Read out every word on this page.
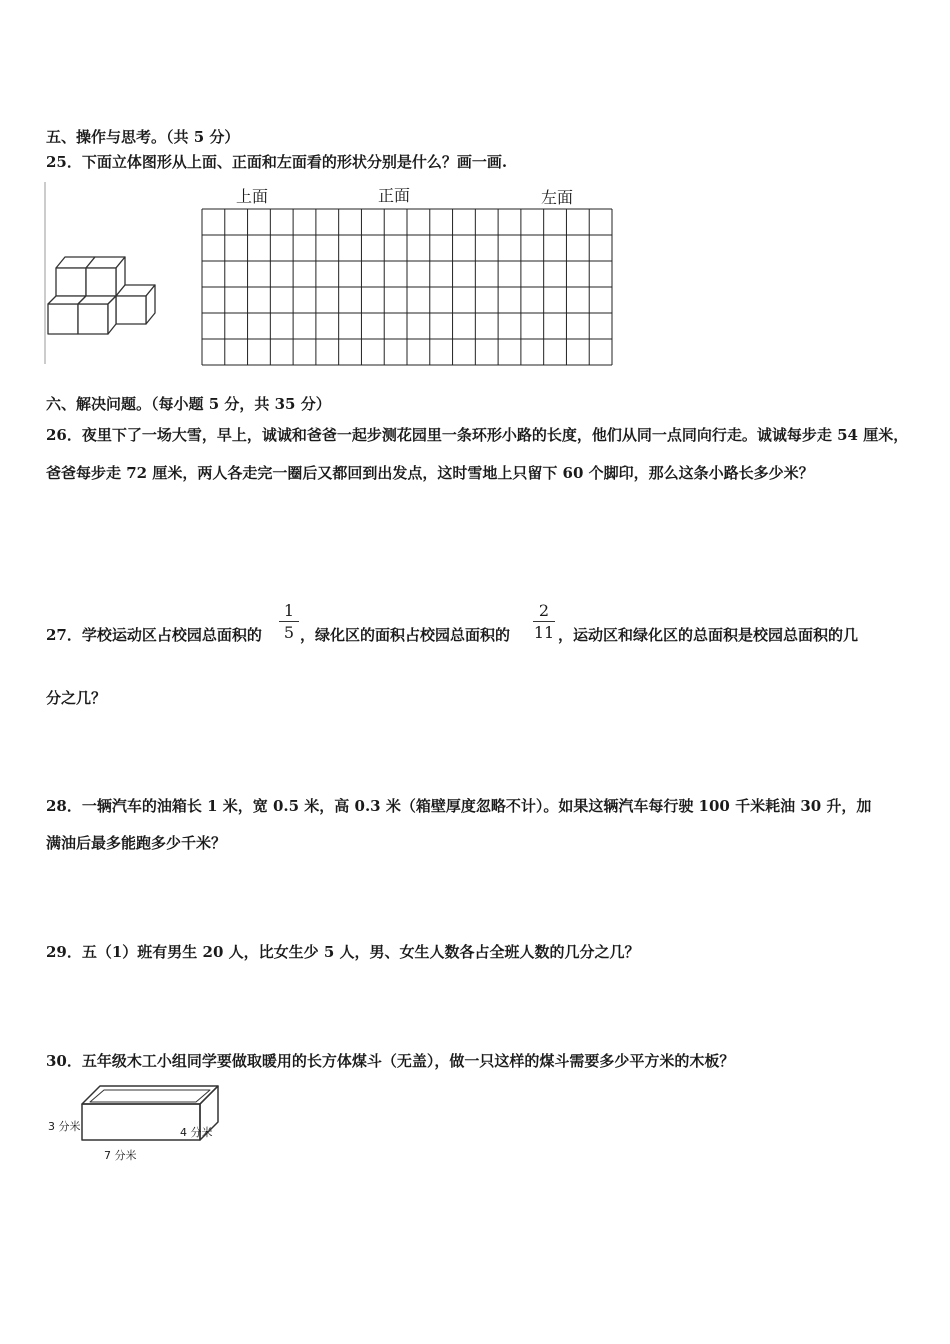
五、操作与思考。（共 5 分）
25．下面立体图形从上面、正面和左面看的形状分别是什么？画一画.
上面	正面	左面
六、解决问题。（每小题 5 分，共 35 分）
26．夜里下了一场大雪，早上，诚诚和爸爸一起步测花园里一条环形小路的长度，他们从同一点同向行走。诚诚每步走 54 厘米，爸爸每步走 72 厘米，两人各走完一圈后又都回到出发点，这时雪地上只留下 60 个脚印，那么这条小路长多少米？
27．学校运动区占校园总面积的
1
5 ，绿化区的面积占校园总面积的
2
11 ，运动区和绿化区的总面积是校园总面积的几
分之几？
28．一辆汽车的油箱长 1 米，宽 0.5 米，高 0.3 米（箱壁厚度忽略不计）。如果这辆汽车每行驶 100 千米耗油 30 升，加
满油后最多能跑多少千米？
29．五（1）班有男生 20 人，比女生少 5 人，男、女生人数各占全班人数的几分之几？
30．五年级木工小组同学要做取暖用的长方体煤斗（无盖），做一只这样的煤斗需要多少平方米的木板？
3 分米	4 分米
7 分米
